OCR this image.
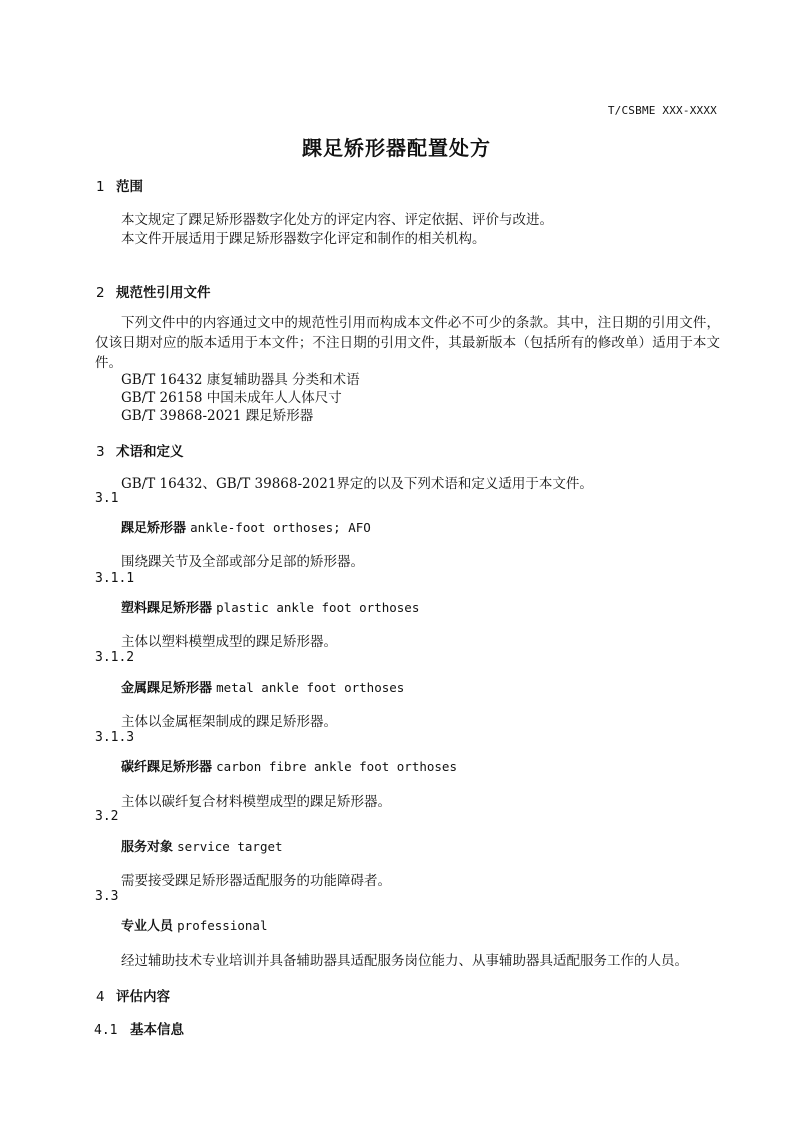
T/CSBME XXX-XXXX
踝足矫形器配置处方
1 范围
本文规定了踝足矫形器数字化处方的评定内容、评定依据、评价与改进。
本文件开展适用于踝足矫形器数字化评定和制作的相关机构。
2 规范性引用文件
下列文件中的内容通过文中的规范性引用而构成本文件必不可少的条款。其中，注日期的引用文件，仅该日期对应的版本适用于本文件；不注日期的引用文件，其最新版本（包括所有的修改单）适用于本文件。
GB/T 16432 康复辅助器具 分类和术语
GB/T 26158 中国未成年人人体尺寸
GB/T 39868-2021 踝足矫形器
3 术语和定义
GB/T 16432、GB/T 39868-2021界定的以及下列术语和定义适用于本文件。
3.1
踝足矫形器 ankle-foot orthoses; AFO
围绕踝关节及全部或部分足部的矫形器。
3.1.1
塑料踝足矫形器 plastic ankle foot orthoses
主体以塑料模塑成型的踝足矫形器。
3.1.2
金属踝足矫形器 metal ankle foot orthoses
主体以金属框架制成的踝足矫形器。
3.1.3
碳纤踝足矫形器 carbon fibre ankle foot orthoses
主体以碳纤复合材料模塑成型的踝足矫形器。
3.2
服务对象 service target
需要接受踝足矫形器适配服务的功能障碍者。
3.3
专业人员 professional
经过辅助技术专业培训并具备辅助器具适配服务岗位能力、从事辅助器具适配服务工作的人员。
4 评估内容
4.1 基本信息
